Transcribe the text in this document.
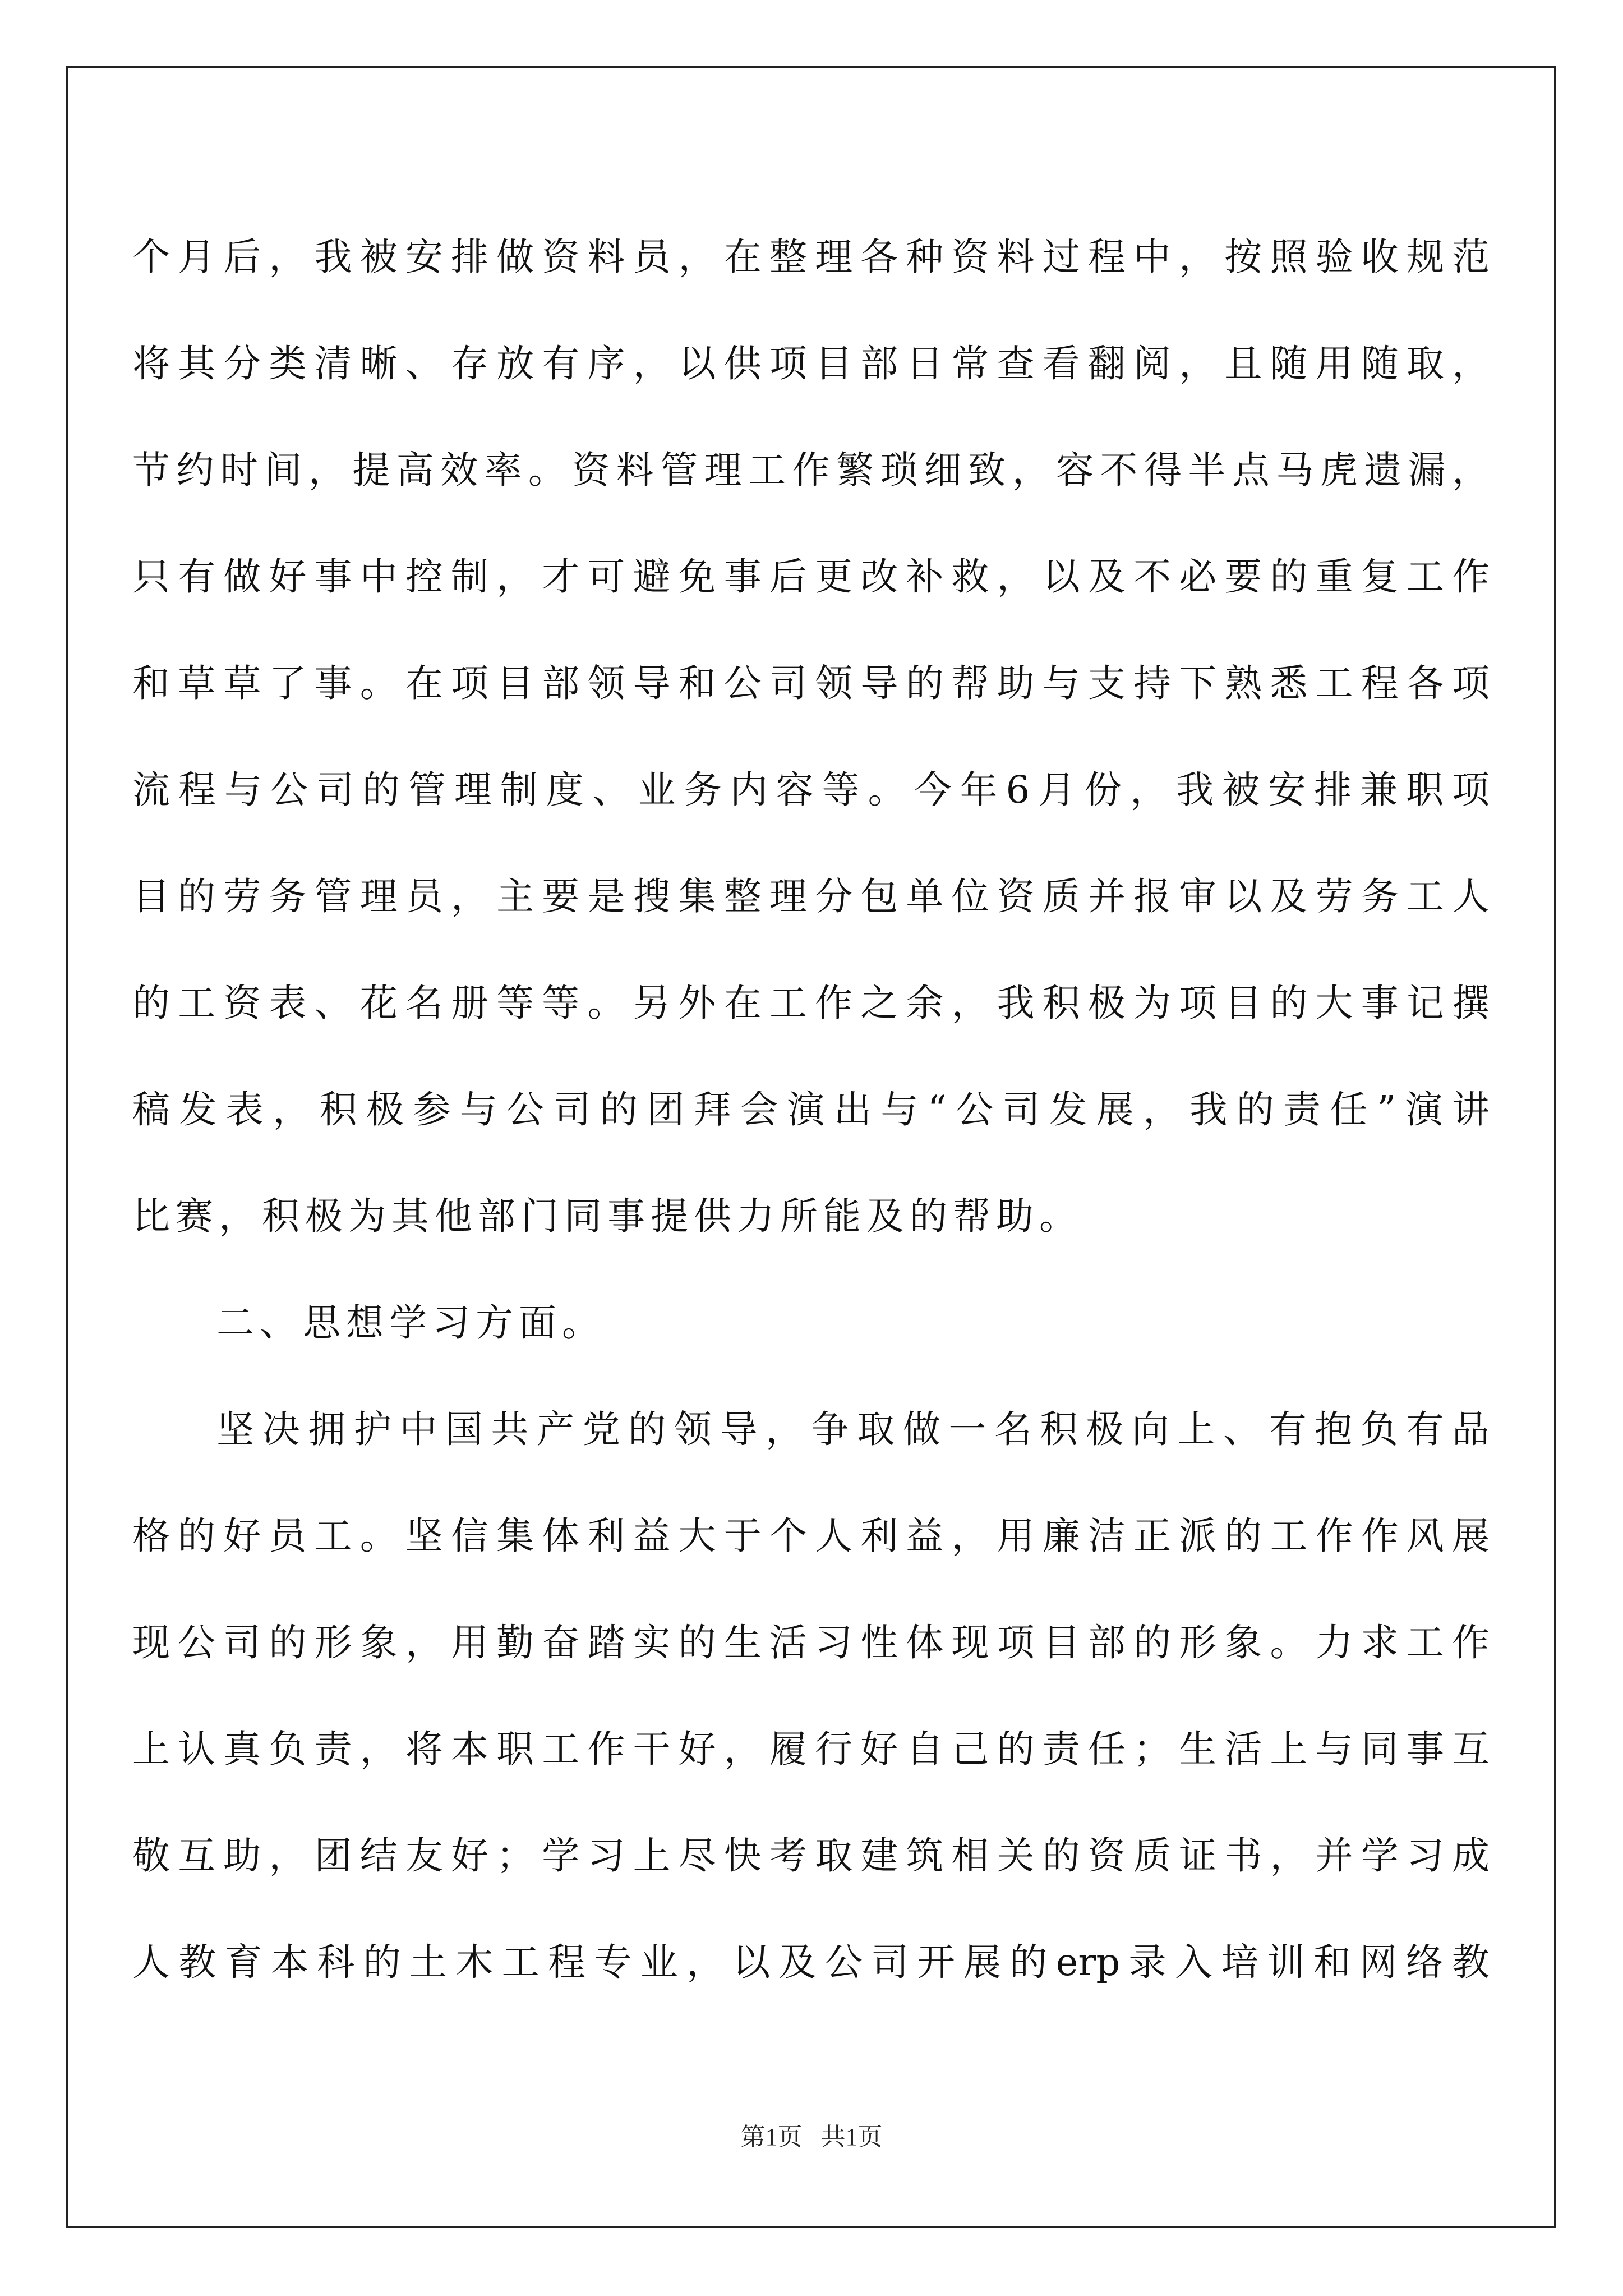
个月后，我被安排做资料员，在整理各种资料过程中，按照验收规范
将其分类清晰、存放有序，以供项目部日常查看翻阅，且随用随取，
节约时间，提高效率。资料管理工作繁琐细致，容不得半点马虎遗漏，
只有做好事中控制，才可避免事后更改补救，以及不必要的重复工作
和草草了事。在项目部领导和公司领导的帮助与支持下熟悉工程各项
流程与公司的管理制度、业务内容等。今年6月份，我被安排兼职项
目的劳务管理员，主要是搜集整理分包单位资质并报审以及劳务工人
的工资表、花名册等等。另外在工作之余，我积极为项目的大事记撰
稿发表，积极参与公司的团拜会演出与“公司发展，我的责任”演讲
比赛，积极为其他部门同事提供力所能及的帮助。
二、思想学习方面。
坚决拥护中国共产党的领导，争取做一名积极向上、有抱负有品
格的好员工。坚信集体利益大于个人利益，用廉洁正派的工作作风展
现公司的形象，用勤奋踏实的生活习性体现项目部的形象。力求工作
上认真负责，将本职工作干好，履行好自己的责任；生活上与同事互
敬互助，团结友好；学习上尽快考取建筑相关的资质证书，并学习成
人教育本科的土木工程专业，以及公司开展的erp录入培训和网络教
第1页 共1页
